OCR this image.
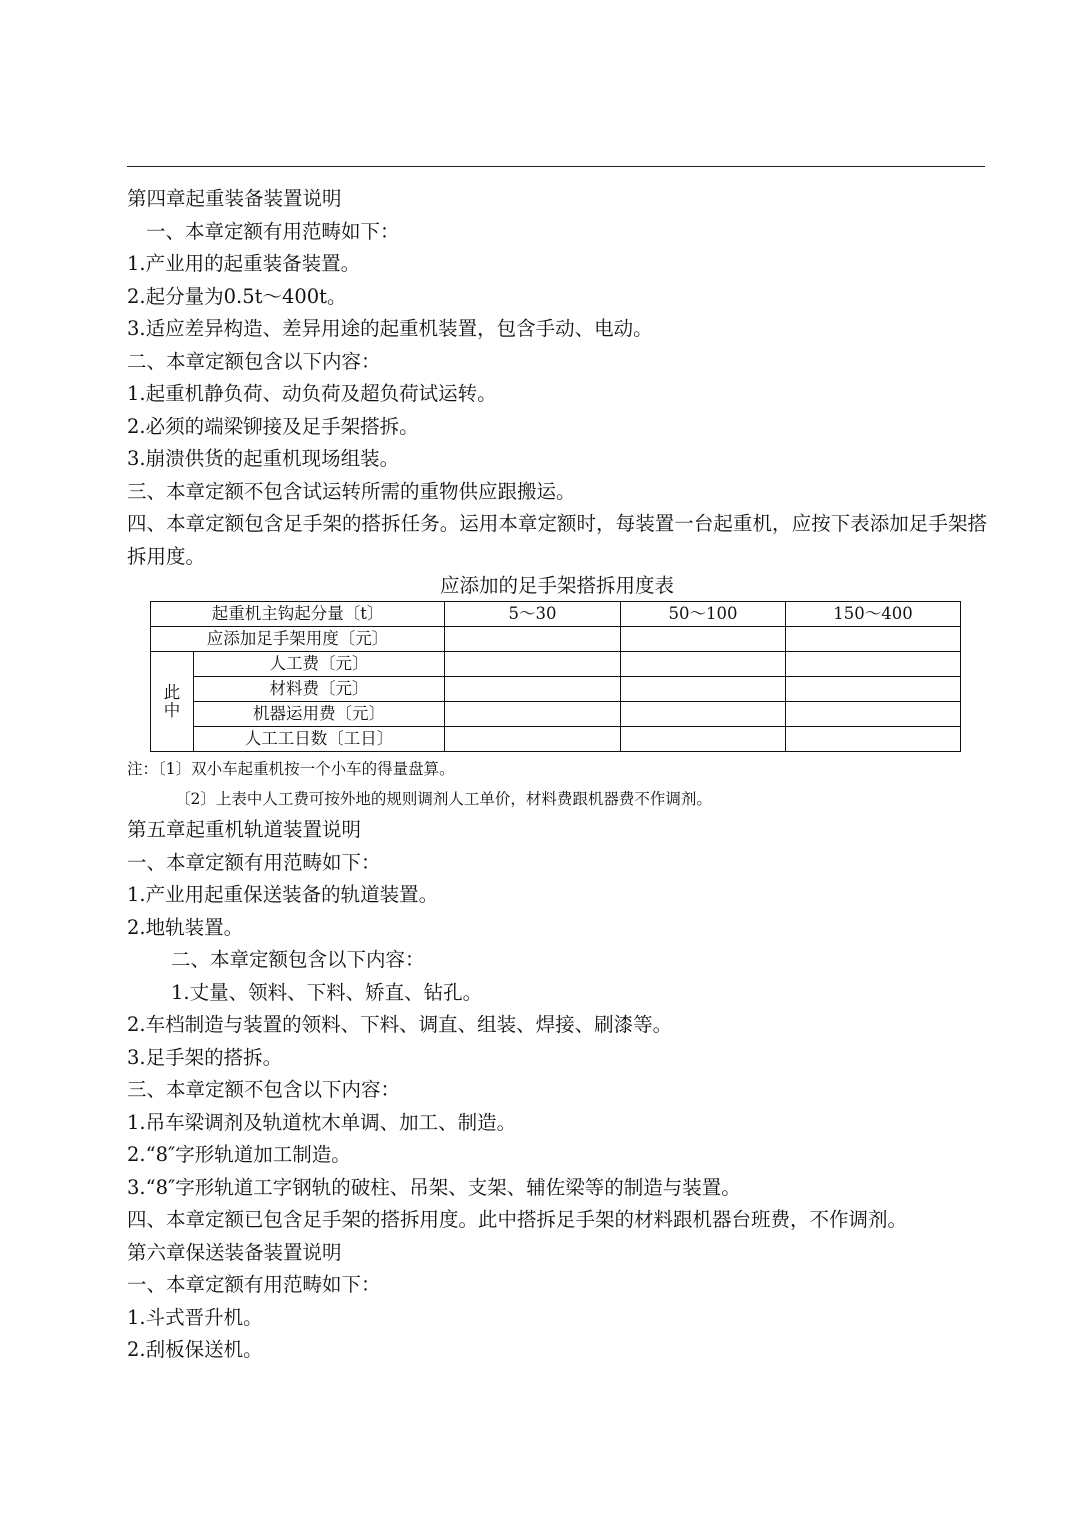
第四章起重装备装置说明
一、本章定额有用范畴如下：
1.产业用的起重装备装置。
2.起分量为0.5t～400t。
3.适应差异构造、差异用途的起重机装置，包含手动、电动。
二、本章定额包含以下内容：
1.起重机静负荷、动负荷及超负荷试运转。
2.必须的端梁铆接及足手架搭拆。
3.崩溃供货的起重机现场组装。
三、本章定额不包含试运转所需的重物供应跟搬运。
四、本章定额包含足手架的搭拆任务。运用本章定额时，每装置一台起重机，应按下表添加足手架搭拆用度。
应添加的足手架搭拆用度表
起重机主钩起分量〔t〕		5～30	50～100	150～400
应添加足手架用度〔元〕				
此
中	人工费〔元〕			
	材料费〔元〕			
	机器运用费〔元〕			
	人工工日数〔工日〕			
注：〔1〕双小车起重机按一个小车的得量盘算。
〔2〕上表中人工费可按外地的规则调剂人工单价，材料费跟机器费不作调剂。
第五章起重机轨道装置说明
一、本章定额有用范畴如下：
1.产业用起重保送装备的轨道装置。
2.地轨装置。
二、本章定额包含以下内容：
1.丈量、领料、下料、矫直、钻孔。
2.车档制造与装置的领料、下料、调直、组装、焊接、刷漆等。
3.足手架的搭拆。
三、本章定额不包含以下内容：
1.吊车梁调剂及轨道枕木单调、加工、制造。
2.“8″字形轨道加工制造。
3.“8″字形轨道工字钢轨的破柱、吊架、支架、辅佐梁等的制造与装置。
四、本章定额已包含足手架的搭拆用度。此中搭拆足手架的材料跟机器台班费，不作调剂。
第六章保送装备装置说明
一、本章定额有用范畴如下：
1.斗式晋升机。
2.刮板保送机。
